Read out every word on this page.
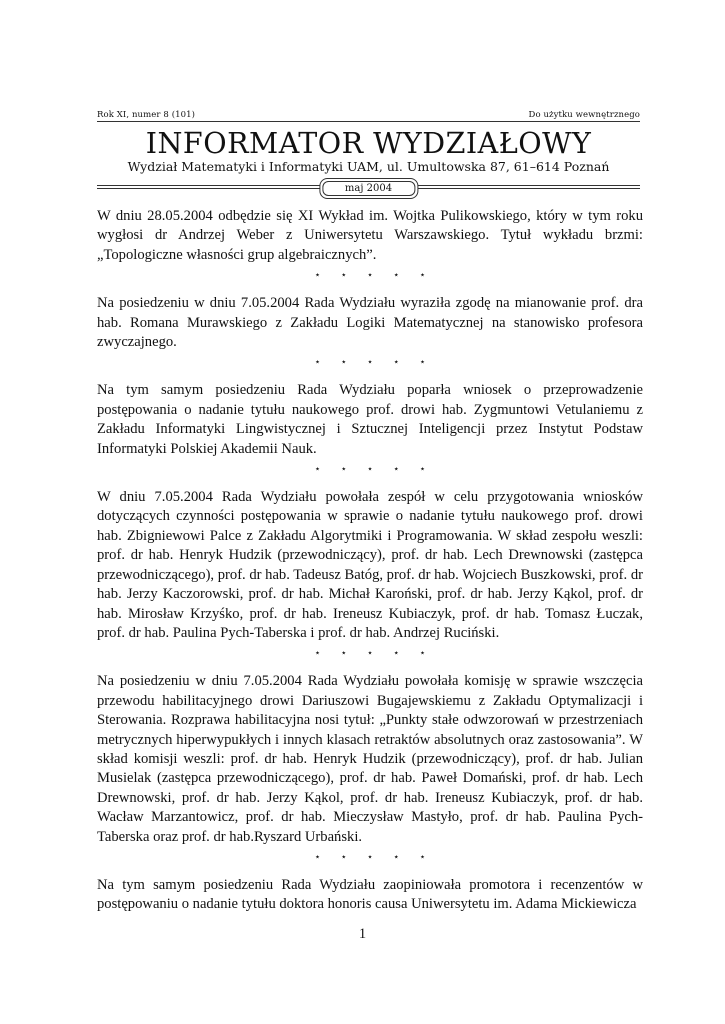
Rok XI, numer 8 (101)	Do użytku wewnętrznego
INFORMATOR WYDZIAŁOWY
Wydział Matematyki i Informatyki UAM, ul. Umultowska 87, 61–614 Poznań
maj 2004

W dniu 28.05.2004 odbędzie się XI Wykład im. Wojtka Pulikowskiego, który w tym roku wygłosi dr Andrzej Weber z Uniwersytetu Warszawskiego. Tytuł wykładu brzmi: „Topologiczne własności grup algebraicznych”.

⋆ ⋆ ⋆ ⋆ ⋆

Na posiedzeniu w dniu 7.05.2004 Rada Wydziału wyraziła zgodę na mianowanie prof. dra hab. Romana Murawskiego z Zakładu Logiki Matematycznej na stanowisko profesora zwyczajnego.

⋆ ⋆ ⋆ ⋆ ⋆

Na tym samym posiedzeniu Rada Wydziału poparła wniosek o przeprowadzenie postępowania o nadanie tytułu naukowego prof. drowi hab. Zygmuntowi Vetulaniemu z Zakładu Informatyki Lingwistycznej i Sztucznej Inteligencji przez Instytut Podstaw Informatyki Polskiej Akademii Nauk.

⋆ ⋆ ⋆ ⋆ ⋆

W dniu 7.05.2004 Rada Wydziału powołała zespół w celu przygotowania wniosków dotyczących czynności postępowania w sprawie o nadanie tytułu naukowego prof. drowi hab. Zbigniewowi Palce z Zakładu Algorytmiki i Programowania. W skład zespołu weszli: prof. dr hab. Henryk Hudzik (przewodniczący), prof. dr hab. Lech Drewnowski (zastępca przewodniczącego), prof. dr hab. Tadeusz Batóg, prof. dr hab. Wojciech Buszkowski, prof. dr hab. Jerzy Kaczorowski, prof. dr hab. Michał Karoński, prof. dr hab. Jerzy Kąkol, prof. dr hab. Mirosław Krzyśko, prof. dr hab. Ireneusz Kubiaczyk, prof. dr hab. Tomasz Łuczak, prof. dr hab. Paulina Pych-Taberska i prof. dr hab. Andrzej Ruciński.

⋆ ⋆ ⋆ ⋆ ⋆

Na posiedzeniu w dniu 7.05.2004 Rada Wydziału powołała komisję w sprawie wszczęcia przewodu habilitacyjnego drowi Dariuszowi Bugajewskiemu z Zakładu Optymalizacji i Sterowania. Rozprawa habilitacyjna nosi tytuł: „Punkty stałe odwzorowań w przestrzeniach metrycznych hiperwypukłych i innych klasach retraktów absolutnych oraz zastosowania”. W skład komisji weszli: prof. dr hab. Henryk Hudzik (przewodniczący), prof. dr hab. Julian Musielak (zastępca przewodniczącego), prof. dr hab. Paweł Domański, prof. dr hab. Lech Drewnowski, prof. dr hab. Jerzy Kąkol, prof. dr hab. Ireneusz Kubiaczyk, prof. dr hab. Wacław Marzantowicz, prof. dr hab. Mieczysław Mastyło, prof. dr hab. Paulina Pych-Taberska oraz prof. dr hab.Ryszard Urbański.

⋆ ⋆ ⋆ ⋆ ⋆

Na tym samym posiedzeniu Rada Wydziału zaopiniowała promotora i recenzentów w postępowaniu o nadanie tytułu doktora honoris causa Uniwersytetu im. Adama Mickiewicza

1
